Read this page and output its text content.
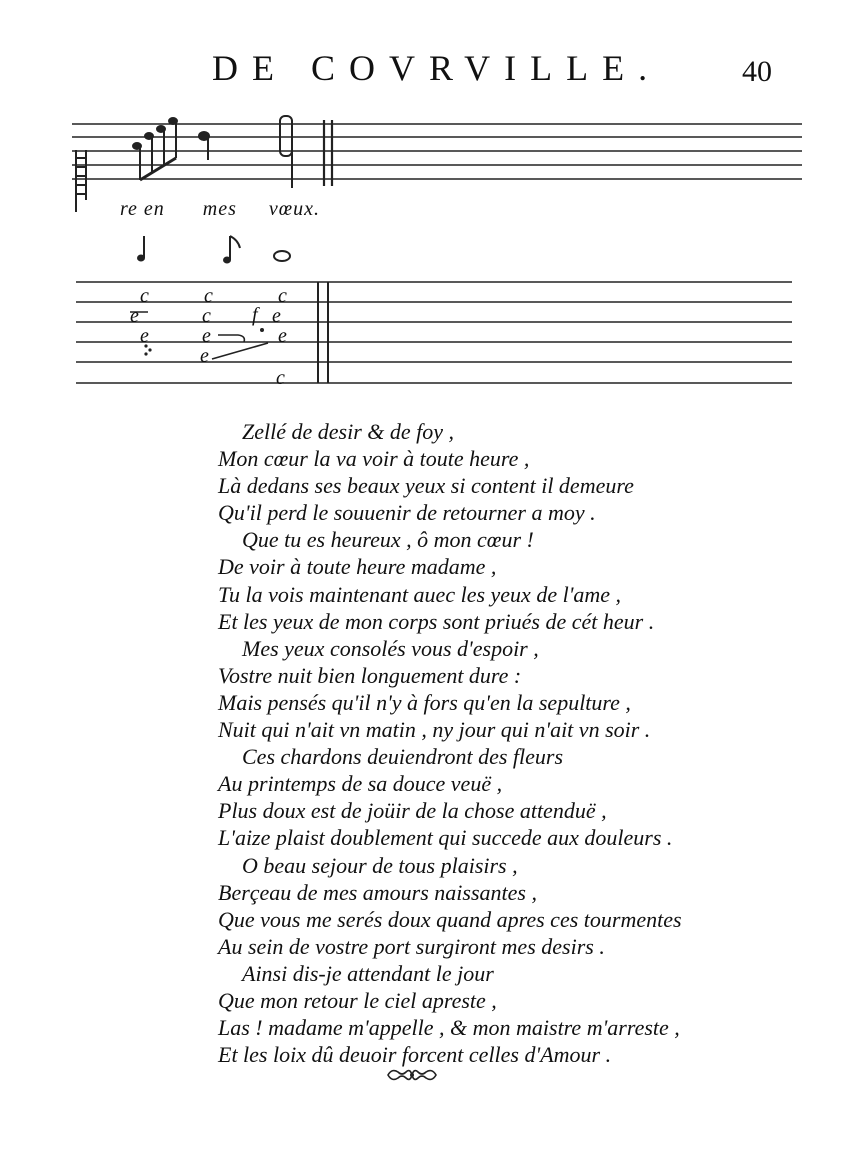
DE COVRVILLE.	40
re en mes vœux.
c	c	c
c f e
e	e	e
e
e
c
Zellé de desir & de foy ,
Mon cœur la va voir à toute heure ,
Là dedans ses beaux yeux si content il demeure
Qu'il perd le souuenir de retourner a moy .
Que tu es heureux , ô mon cœur !
De voir à toute heure madame ,
Tu la vois maintenant auec les yeux de l'ame ,
Et les yeux de mon corps sont priués de cét heur .
Mes yeux consolés vous d'espoir ,
Vostre nuit bien longuement dure :
Mais pensés qu'il n'y à fors qu'en la sepulture ,
Nuit qui n'ait vn matin , ny jour qui n'ait vn soir .
Ces chardons deuiendront des fleurs
Au printemps de sa douce veuë ,
Plus doux est de joüir de la chose attenduë ,
L'aize plaist doublement qui succede aux douleurs .
O beau sejour de tous plaisirs ,
Berçeau de mes amours naissantes ,
Que vous me serés doux quand apres ces tourmentes
Au sein de vostre port surgiront mes desirs .
Ainsi dis-je attendant le jour
Que mon retour le ciel apreste ,
Las ! madame m'appelle , & mon maistre m'arreste ,
Et les loix dû deuoir forcent celles d'Amour .
